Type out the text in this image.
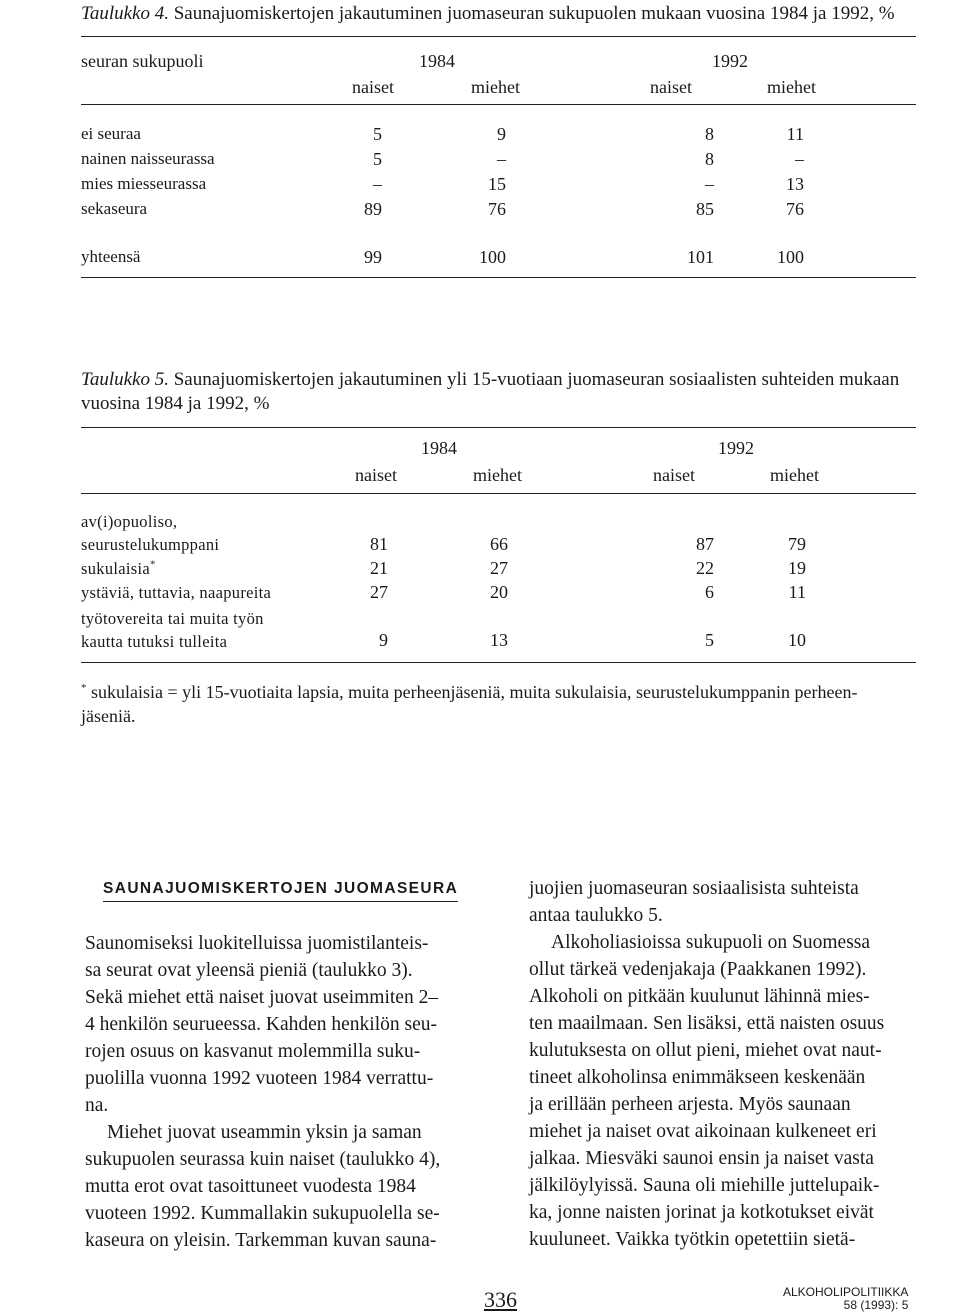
Taulukko 4. Saunajuomiskertojen jakautuminen juomaseuran sukupuolen mukaan vuosina 1984 ja 1992, %
seuran sukupuoli	1984	1992
naiset	miehet	naiset	miehet
ei seuraa	5	9	8	11
nainen naisseurassa	5	–	8	–
mies miesseurassa	–	15	–	13
sekaseura	89	76	85	76
yhteensä	99	100	101	100
Taulukko 5. Saunajuomiskertojen jakautuminen yli 15-vuotiaan juomaseuran sosiaalisten suhteiden mukaan
vuosina 1984 ja 1992, %
1984	1992
naiset	miehet	naiset	miehet
av(i)opuoliso,
seurustelukumppani	81	66	87	79
sukulaisia*	21	27	22	19
ystäviä, tuttavia, naapureita	27	20	6	11
työtovereita tai muita työn
kautta tutuksi tulleita	9	13	5	10
* sukulaisia = yli 15-vuotiaita lapsia, muita perheenjäseniä, muita sukulaisia, seurustelukumppanin perheen-
jäseniä.
SAUNAJUOMISKERTOJEN JUOMASEURA
Saunomiseksi luokitelluissa juomistilanteis-
sa seurat ovat yleensä pieniä (taulukko 3).
Sekä miehet että naiset juovat useimmiten 2–
4 henkilön seurueessa. Kahden henkilön seu-
rojen osuus on kasvanut molemmilla suku-
puolilla vuonna 1992 vuoteen 1984 verrattu-
na.
Miehet juovat useammin yksin ja saman
sukupuolen seurassa kuin naiset (taulukko 4),
mutta erot ovat tasoittuneet vuodesta 1984
vuoteen 1992. Kummallakin sukupuolella se-
kaseura on yleisin. Tarkemman kuvan sauna-
juojien juomaseuran sosiaalisista suhteista
antaa taulukko 5.
Alkoholiasioissa sukupuoli on Suomessa
ollut tärkeä vedenjakaja (Paakkanen 1992).
Alkoholi on pitkään kuulunut lähinnä mies-
ten maailmaan. Sen lisäksi, että naisten osuus
kulutuksesta on ollut pieni, miehet ovat naut-
tineet alkoholinsa enimmäkseen keskenään
ja erillään perheen arjesta. Myös saunaan
miehet ja naiset ovat aikoinaan kulkeneet eri
jalkaa. Miesväki saunoi ensin ja naiset vasta
jälkilöylyissä. Sauna oli miehille juttelupaik-
ka, jonne naisten jorinat ja kotkotukset eivät
kuuluneet. Vaikka työtkin opetettiin sietä-
336	ALKOHOLIPOLITIIKKA
58 (1993): 5
